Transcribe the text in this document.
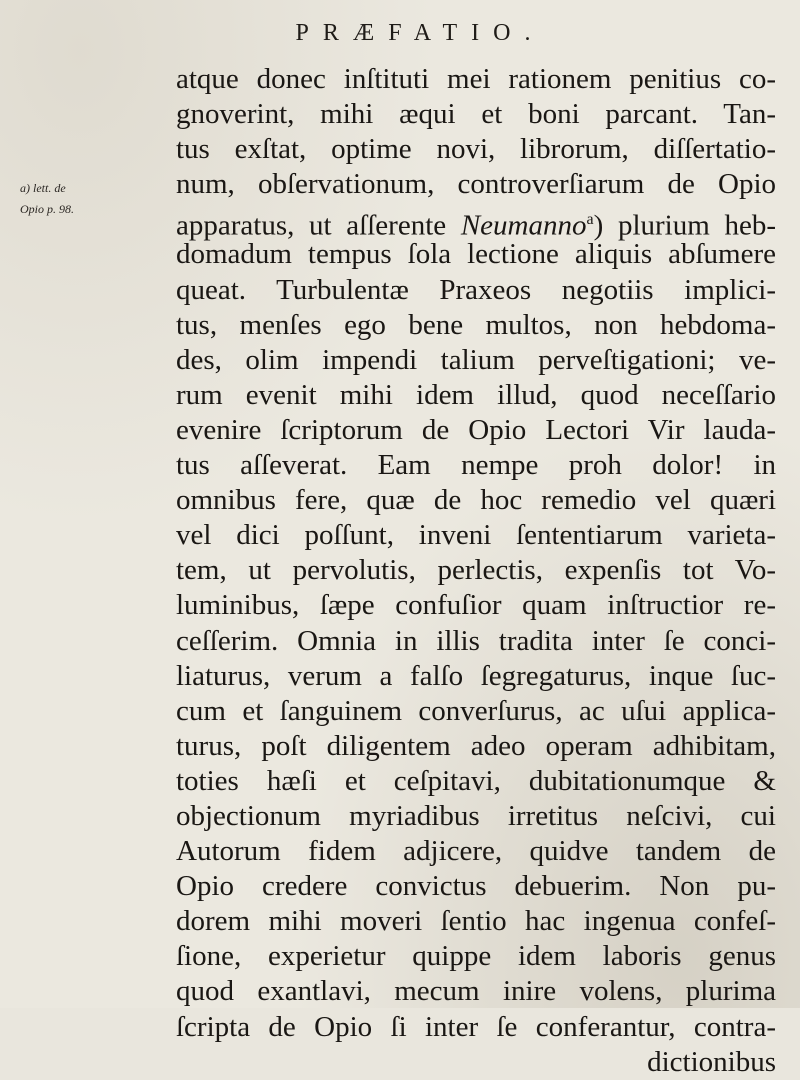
PRÆFATIO.
a) lett. de
Opio p. 98.
atque donec inſtituti mei rationem penitius co-
gnoverint, mihi æqui et boni parcant. Tan-
tus exſtat, optime novi, librorum, diſſertatio-
num, obſervationum, controverſiarum de Opio
apparatus, ut aſſerente Neumanno$^a$) plurium heb-
domadum tempus ſola lectione aliquis abſumere
queat. Turbulentæ Praxeos negotiis implici-
tus, menſes ego bene multos, non hebdoma-
des, olim impendi talium perveſtigationi; ve-
rum evenit mihi idem illud, quod neceſſario
evenire ſcriptorum de Opio Lectori Vir lauda-
tus aſſeverat. Eam nempe proh dolor! in
omnibus fere, quæ de hoc remedio vel quæri
vel dici poſſunt, inveni ſententiarum varieta-
tem, ut pervolutis, perlectis, expenſis tot Vo-
luminibus, ſæpe confuſior quam inſtructior re-
ceſſerim. Omnia in illis tradita inter ſe conci-
liaturus, verum a falſo ſegregaturus, inque ſuc-
cum et ſanguinem converſurus, ac uſui applica-
turus, poſt diligentem adeo operam adhibitam,
toties hæſi et ceſpitavi, dubitationumque &
objectionum myriadibus irretitus neſcivi, cui
Autorum fidem adjicere, quidve tandem de
Opio credere convictus debuerim. Non pu-
dorem mihi moveri ſentio hac ingenua confeſ-
ſione, experietur quippe idem laboris genus
quod exantlavi, mecum inire volens, plurima
ſcripta de Opio ſi inter ſe conferantur, contra-
dictionibus
